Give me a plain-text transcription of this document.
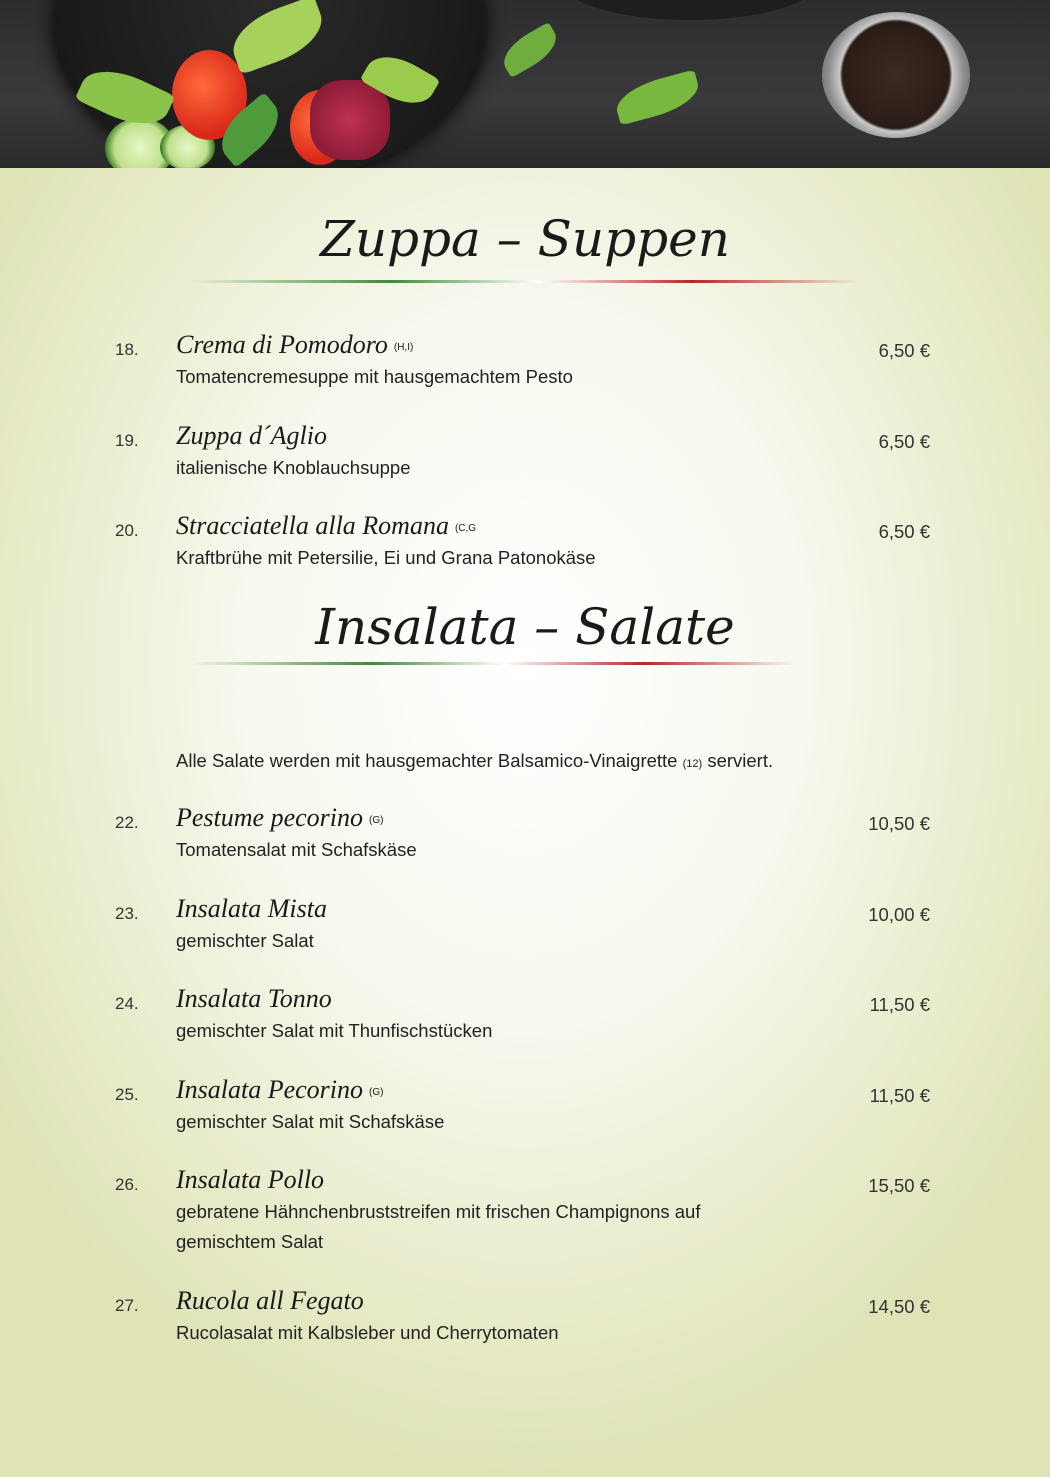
Zuppa – Suppen
18. Crema di Pomodoro (H,I)
Tomatencremesuppe mit hausgemachtem Pesto
6,50 €
19. Zuppa d´Aglio
italienische Knoblauchsuppe
6,50 €
20. Stracciatella alla Romana (C,G
Kraftbrühe mit Petersilie, Ei und Grana Patonokäse
6,50 €
Insalata – Salate
Alle Salate werden mit hausgemachter Balsamico-Vinaigrette (12) serviert.
22. Pestume pecorino (G)
Tomatensalat mit Schafskäse
10,50 €
23. Insalata Mista
gemischter Salat
10,00 €
24. Insalata Tonno
gemischter Salat mit Thunfischstücken
11,50 €
25. Insalata Pecorino (G)
gemischter Salat mit Schafskäse
11,50 €
26. Insalata Pollo
gebratene Hähnchenbruststreifen mit frischen Champignons auf gemischtem Salat
15,50 €
27. Rucola all Fegato
Rucolasalat mit Kalbsleber und Cherrytomaten
14,50 €
